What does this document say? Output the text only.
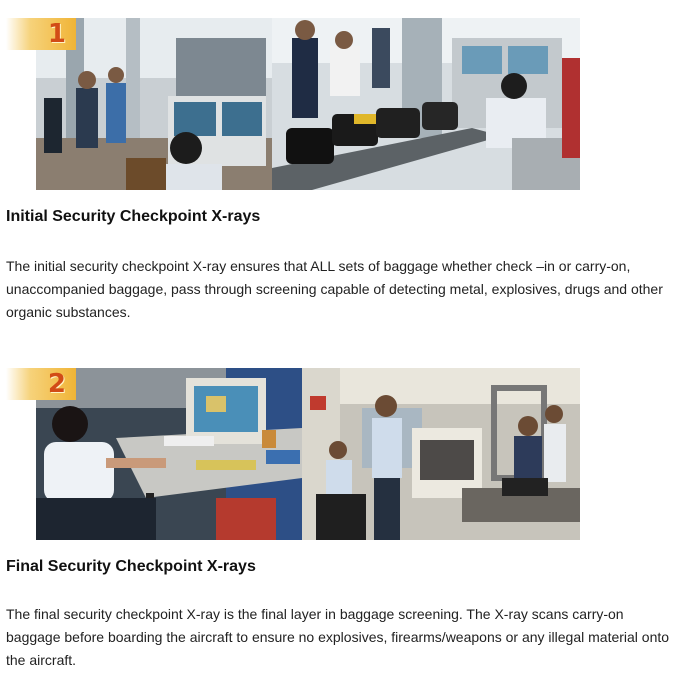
1
Initial Security Checkpoint X-rays

The initial security checkpoint X-ray ensures that ALL sets of baggage whether check –in or carry-on, unaccompanied baggage, pass through screening capable of detecting metal, explosives, drugs and other organic substances.

2
Final Security Checkpoint X-rays

The final security checkpoint X-ray is the final layer in baggage screening. The X-ray scans carry-on baggage before boarding the aircraft to ensure no explosives, firearms/weapons or any illegal material onto the aircraft.
